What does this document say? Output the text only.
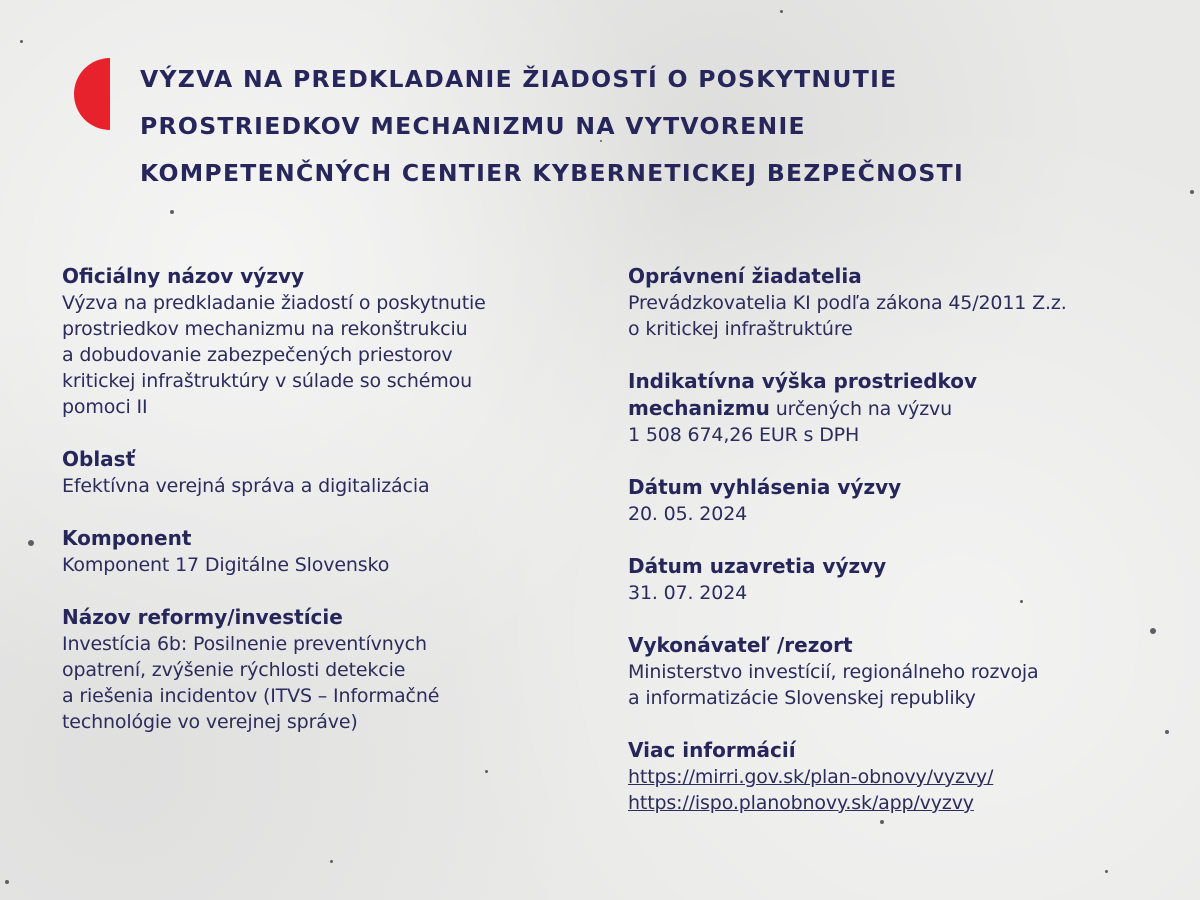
VÝZVA NA PREDKLADANIE ŽIADOSTÍ O POSKYTNUTIE
PROSTRIEDKOV MECHANIZMU NA VYTVORENIE
KOMPETENČNÝCH CENTIER KYBERNETICKEJ BEZPEČNOSTI
Oficiálny názov výzvy
Výzva na predkladanie žiadostí o poskytnutie
prostriedkov mechanizmu na rekonštrukciu
a dobudovanie zabezpečených priestorov
kritickej infraštruktúry v súlade so schémou
pomoci II
Oblasť
Efektívna verejná správa a digitalizácia
Komponent
Komponent 17 Digitálne Slovensko
Názov reformy/investície
Investícia 6b: Posilnenie preventívnych
opatrení, zvýšenie rýchlosti detekcie
a riešenia incidentov (ITVS – Informačné
technológie vo verejnej správe)
Oprávnení žiadatelia
Prevádzkovatelia KI podľa zákona 45/2011 Z.z.
o kritickej infraštruktúre
Indikatívna výška prostriedkov
mechanizmu určených na výzvu
1 508 674,26 EUR s DPH
Dátum vyhlásenia výzvy
20. 05. 2024
Dátum uzavretia výzvy
31. 07. 2024
Vykonávateľ /rezort
Ministerstvo investícií, regionálneho rozvoja
a informatizácie Slovenskej republiky
Viac informácií
https://mirri.gov.sk/plan-obnovy/vyzvy/
https://ispo.planobnovy.sk/app/vyzvy
